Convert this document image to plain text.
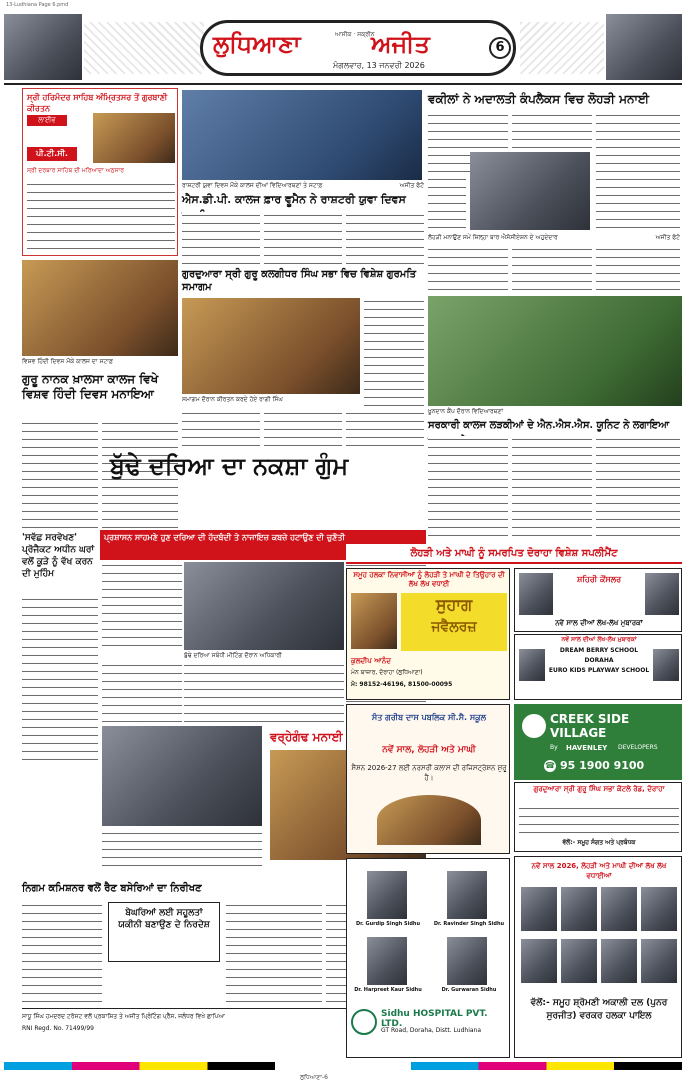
13-Ludhiana Page 6.pmd
ਲੁਧਿਆਣਾ	ਅਜੀਤ
ਆਸੀਕ · ਸਕ੍ਰੀਨ
ਮੰਗਲਵਾਰ, 13 ਜਨਵਰੀ 2026
6
ਸ੍ਰੀ ਹਰਿਮੰਦਰ ਸਾਹਿਬ ਅੰਮ੍ਰਿਤਸਰ ਤੋਂ ਗੁਰਬਾਣੀ ਕੀਰਤਨ
ਲਾਈਵ
ਪੀ.ਟੀ.ਸੀ.
ਸ੍ਰੀ ਦਰਬਾਰ ਸਾਹਿਬ ਦੀ ਮਰਿਆਦਾ ਅਨੁਸਾਰ
ਰਾਸ਼ਟਰੀ ਯੁਵਾ ਦਿਵਸ ਮੌਕੇ ਕਾਲਜ ਦੀਆਂ ਵਿਦਿਆਰਥਣਾਂ ਤੇ ਸਟਾਫ਼	ਅਜੀਤ ਫੋਟੋ
ਐਸ.ਡੀ.ਪੀ. ਕਾਲਜ ਫ਼ਾਰ ਵੂਮੈਨ ਨੇ ਰਾਸ਼ਟਰੀ ਯੁਵਾ ਦਿਵਸ
ਵਕੀਲਾਂ ਨੇ ਅਦਾਲਤੀ ਕੰਪਲੈਕਸ ਵਿਚ ਲੋਹੜੀ ਮਨਾਈ
ਲੋਹੜੀ ਮਨਾਉਣ ਸਮੇਂ ਜ਼ਿਲ੍ਹਾ ਬਾਰ ਐਸੋਸੀਏਸ਼ਨ ਦੇ ਅਹੁਦੇਦਾਰ	ਅਜੀਤ ਫੋਟੋ
ਵਿਸ਼ਵ ਹਿੰਦੀ ਦਿਵਸ ਮੌਕੇ ਕਾਲਜ ਦਾ ਸਟਾਫ਼
ਗੁਰੂ ਨਾਨਕ ਖ਼ਾਲਸਾ ਕਾਲਜ ਵਿਖੇ ਵਿਸ਼ਵ ਹਿੰਦੀ ਦਿਵਸ ਮਨਾਇਆ
ਗੁਰਦੁਆਰਾ ਸ੍ਰੀ ਗੁਰੂ ਕਲਗੀਧਰ ਸਿੰਘ ਸਭਾ ਵਿਚ ਵਿਸ਼ੇਸ਼ ਗੁਰਮਤਿ ਸਮਾਗਮ
ਸਮਾਗਮ ਦੌਰਾਨ ਕੀਰਤਨ ਕਰਦੇ ਹੋਏ ਰਾਗੀ ਸਿੰਘ
ਖ਼ੂਨਦਾਨ ਕੈਂਪ ਦੌਰਾਨ ਵਿਦਿਆਰਥਣਾਂ
ਸਰਕਾਰੀ ਕਾਲਜ ਲੜਕੀਆਂ ਦੇ ਐਨ.ਐਸ.ਐਸ. ਯੂਨਿਟ ਨੇ ਲਗਾਇਆ
ਬੁੱਢੇ ਦਰਿਆ ਦਾ ਨਕਸ਼ਾ ਗੁੰਮ
ਪ੍ਰਸ਼ਾਸਨ ਸਾਹਮਣੇ ਹੁਣ ਦਰਿਆ ਦੀ ਹੱਦਬੰਦੀ ਤੇ ਨਾਜਾਇਜ਼ ਕਬਜ਼ੇ ਹਟਾਉਣ ਦੀ ਚੁਣੌਤੀ
ਬੁੱਢੇ ਦਰਿਆ ਸਬੰਧੀ ਮੀਟਿੰਗ ਦੌਰਾਨ ਅਧਿਕਾਰੀ
'ਸਵੱਛ ਸਰਵੇਖਣ' ਪ੍ਰੋਜੈਕਟ ਅਧੀਨ ਘਰਾਂ ਵਲੋਂ ਕੂੜੇ ਨੂੰ ਵੱਖ ਕਰਨ ਦੀ ਮੁਹਿੰਮ
ਵਰ੍ਹੇਗੰਢ ਮਨਾਈ
ਨਿਗਮ ਕਮਿਸ਼ਨਰ ਵਲੋਂ ਰੈਣ ਬਸੇਰਿਆਂ ਦਾ ਨਿਰੀਖਣ
ਬੇਘਰਿਆਂ ਲਈ ਸਹੂਲਤਾਂ ਯਕੀਨੀ ਬਣਾਉਣ ਦੇ ਨਿਰਦੇਸ਼
ਸਾਧੂ ਸਿੰਘ ਹਮਦਰਦ ਟਰੱਸਟ ਵਲੋਂ ਪ੍ਰਕਾਸ਼ਿਤ ਤੇ ਅਜੀਤ ਪ੍ਰਿੰਟਿੰਗ ਪ੍ਰੈੱਸ, ਜਲੰਧਰ ਵਿਖੇ ਛਾਪਿਆ
RNI Regd. No. 71499/99
ਲੁਧਿਆਣਾ-6
ਲੋਹੜੀ ਅਤੇ ਮਾਘੀ ਨੂੰ ਸਮਰਪਿਤ ਦੋਰਾਹਾ ਵਿਸ਼ੇਸ਼ ਸਪਲੀਮੈਂਟ
ਸਮੂਹ ਹਲਕਾ ਨਿਵਾਸੀਆਂ ਨੂੰ ਲੋਹੜੀ ਤੇ ਮਾਘੀ ਦੇ ਤਿਉਹਾਰ ਦੀ ਲੱਖ ਲੱਖ ਵਧਾਈ
ਸੁਹਾਗ
ਜਵੈਲਰਜ਼
ਕੁਲਦੀਪ ਆਨੰਦ
ਮੇਨ ਬਾਜ਼ਾਰ, ਦੋਰਾਹਾ (ਲੁਧਿਆਣਾ)
ਮੋ: 98152-46196, 81500-00095
ਸ਼ਹਿਰੀ ਕੌਂਸਲਰ
ਨਵੇਂ ਸਾਲ ਦੀਆਂ ਲੱਖ-ਲੱਖ ਮੁਬਾਰਕਾਂ
ਨਵੇਂ ਸਾਲ ਦੀਆਂ ਲੱਖ-ਲੱਖ ਮੁਬਾਰਕਾਂ
DREAM BERRY SCHOOL
DORAHA
EURO KIDS PLAYWAY SCHOOL
ਸੰਤ ਗਰੀਬ ਦਾਸ ਪਬਲਿਕ ਸੀ.ਸੈ. ਸਕੂਲ
ਨਵੇਂ ਸਾਲ, ਲੋਹੜੀ ਅਤੇ ਮਾਘੀ
ਸੈਸ਼ਨ 2026-27 ਲਈ ਨਰਸਰੀ ਕਲਾਸ ਦੀ ਰਜਿਸਟ੍ਰੇਸ਼ਨ ਸ਼ੁਰੂ ਹੈ।
CREEK SIDE
VILLAGE
By	HAVENLEY	DEVELOPERS
☎ 95 1900 9100
ਗੁਰਦੁਆਰਾ ਸ੍ਰੀ ਗੁਰੂ ਸਿੰਘ ਸਭਾ ਕੋਟਲੇ ਰੋਡ, ਦੋਰਾਹਾ
ਵੱਲੋਂ:- ਸਮੂਹ ਸੰਗਤ ਅਤੇ ਪ੍ਰਬੰਧਕ
Dr. Gurdip Singh Sidhu	Dr. Ravinder Singh Sidhu
Dr. Harpreet Kaur Sidhu	Dr. Gurwaran Sidhu
Sidhu HOSPITAL PVT. LTD.
GT Road, Doraha, Distt. Ludhiana
ਨਵੇਂ ਸਾਲ 2026, ਲੋਹੜੀ ਅਤੇ ਮਾਘੀ ਦੀਆਂ ਲੱਖ ਲੱਖ ਵਧਾਈਆਂ
ਵੱਲੋਂ:- ਸਮੂਹ ਸ਼੍ਰੋਮਣੀ ਅਕਾਲੀ ਦਲ (ਪੁਨਰ ਸੁਰਜੀਤ) ਵਰਕਰ ਹਲਕਾ ਪਾਇਲ
